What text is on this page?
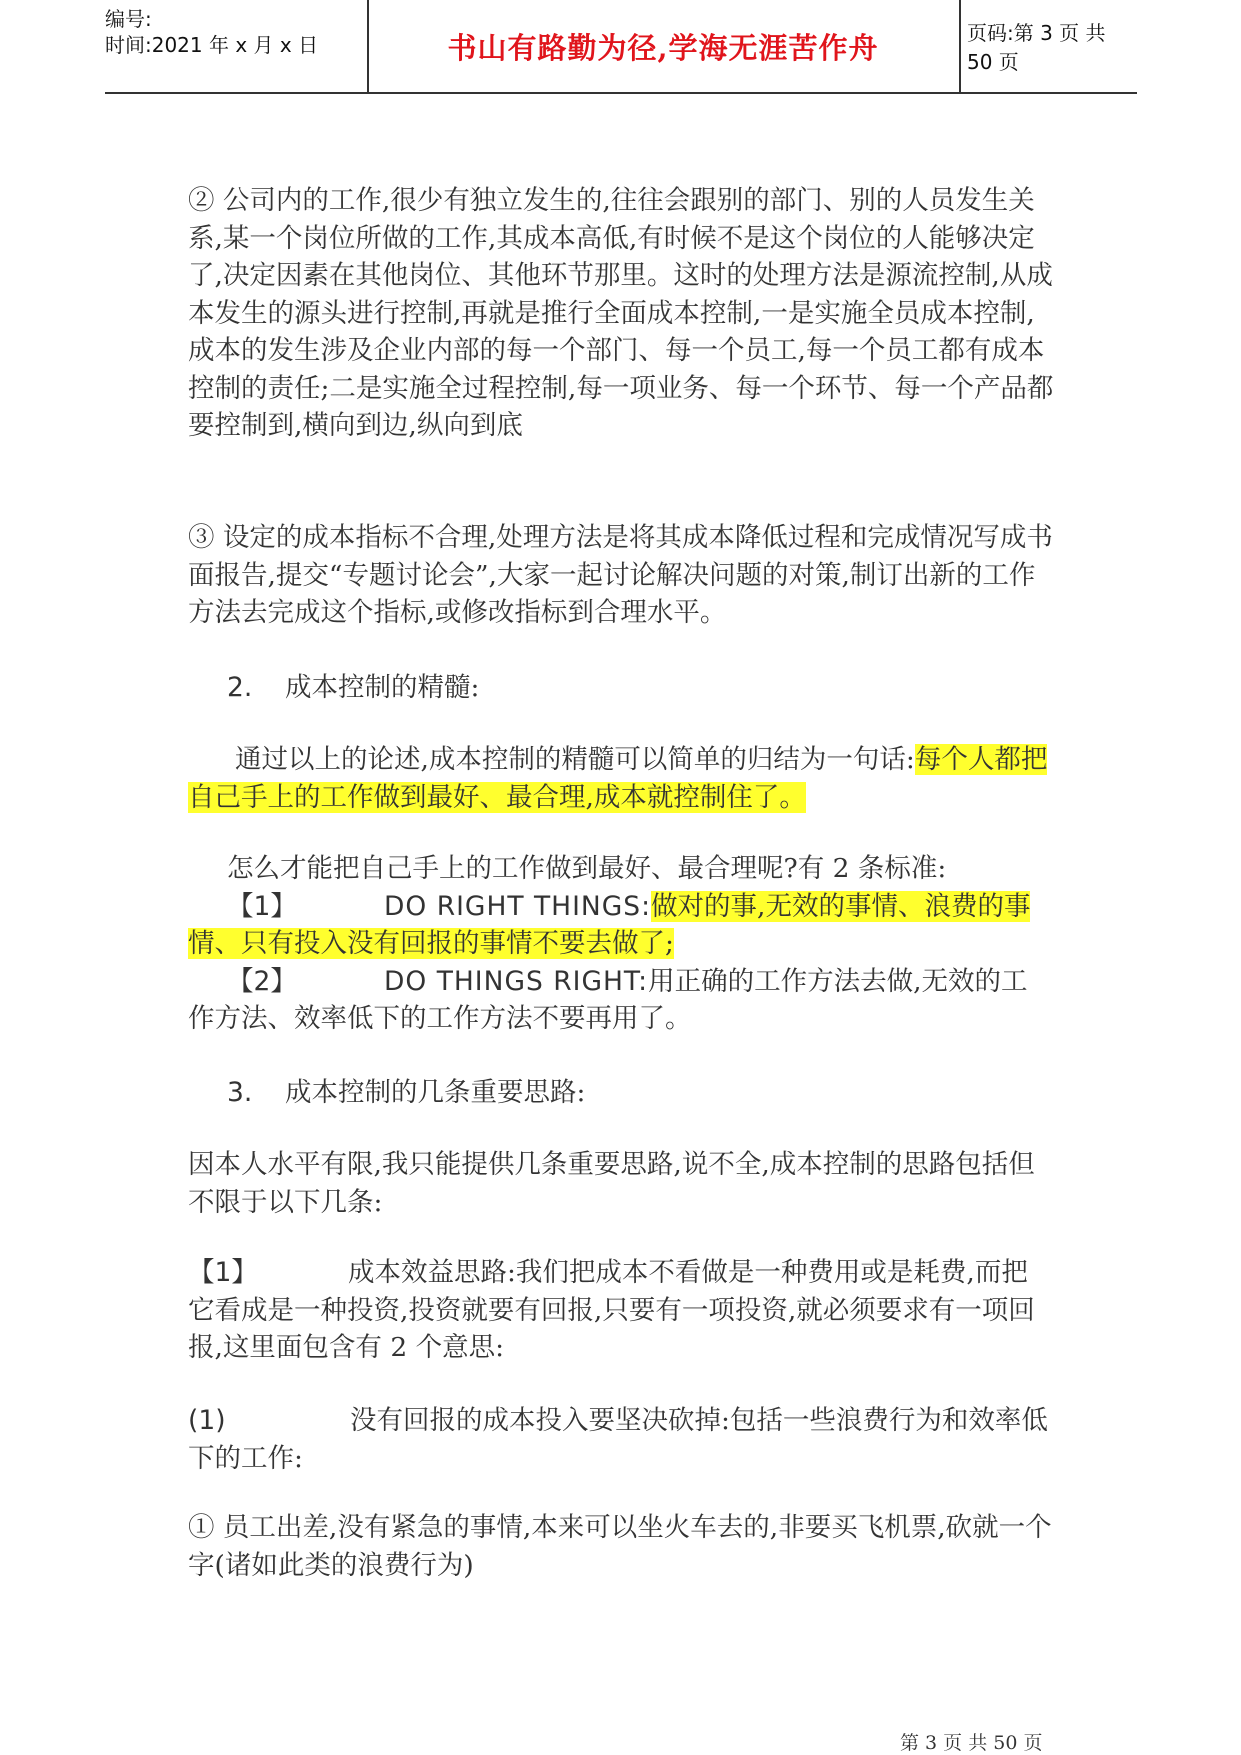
编号:
时间:2021 年 x 月 x 日	书山有路勤为径,学海无涯苦作舟	页码:第 3 页 共 50 页

② 公司内的工作,很少有独立发生的,往往会跟别的部门、别的人员发生关系,某一个岗位所做的工作,其成本高低,有时候不是这个岗位的人能够决定了,决定因素在其他岗位、其他环节那里。这时的处理方法是源流控制,从成本发生的源头进行控制,再就是推行全面成本控制,一是实施全员成本控制,成本的发生涉及企业内部的每一个部门、每一个员工,每一个员工都有成本控制的责任;二是实施全过程控制,每一项业务、每一个环节、每一个产品都要控制到,横向到边,纵向到底

③ 设定的成本指标不合理,处理方法是将其成本降低过程和完成情况写成书面报告,提交“专题讨论会”,大家一起讨论解决问题的对策,制订出新的工作方法去完成这个指标,或修改指标到合理水平。

2. 成本控制的精髓:

通过以上的论述,成本控制的精髓可以简单的归结为一句话:每个人都把自己手上的工作做到最好、最合理,成本就控制住了。

怎么才能把自己手上的工作做到最好、最合理呢?有 2 条标准:
【1】	DO RIGHT THINGS:做对的事,无效的事情、浪费的事情、只有投入没有回报的事情不要去做了;
【2】	DO THINGS RIGHT:用正确的工作方法去做,无效的工作方法、效率低下的工作方法不要再用了。

3. 成本控制的几条重要思路:

因本人水平有限,我只能提供几条重要思路,说不全,成本控制的思路包括但不限于以下几条:

【1】	成本效益思路:我们把成本不看做是一种费用或是耗费,而把它看成是一种投资,投资就要有回报,只要有一项投资,就必须要求有一项回报,这里面包含有 2 个意思:

(1)	没有回报的成本投入要坚决砍掉:包括一些浪费行为和效率低下的工作:

① 员工出差,没有紧急的事情,本来可以坐火车去的,非要买飞机票,砍就一个字(诸如此类的浪费行为)

第 3 页 共 50 页
